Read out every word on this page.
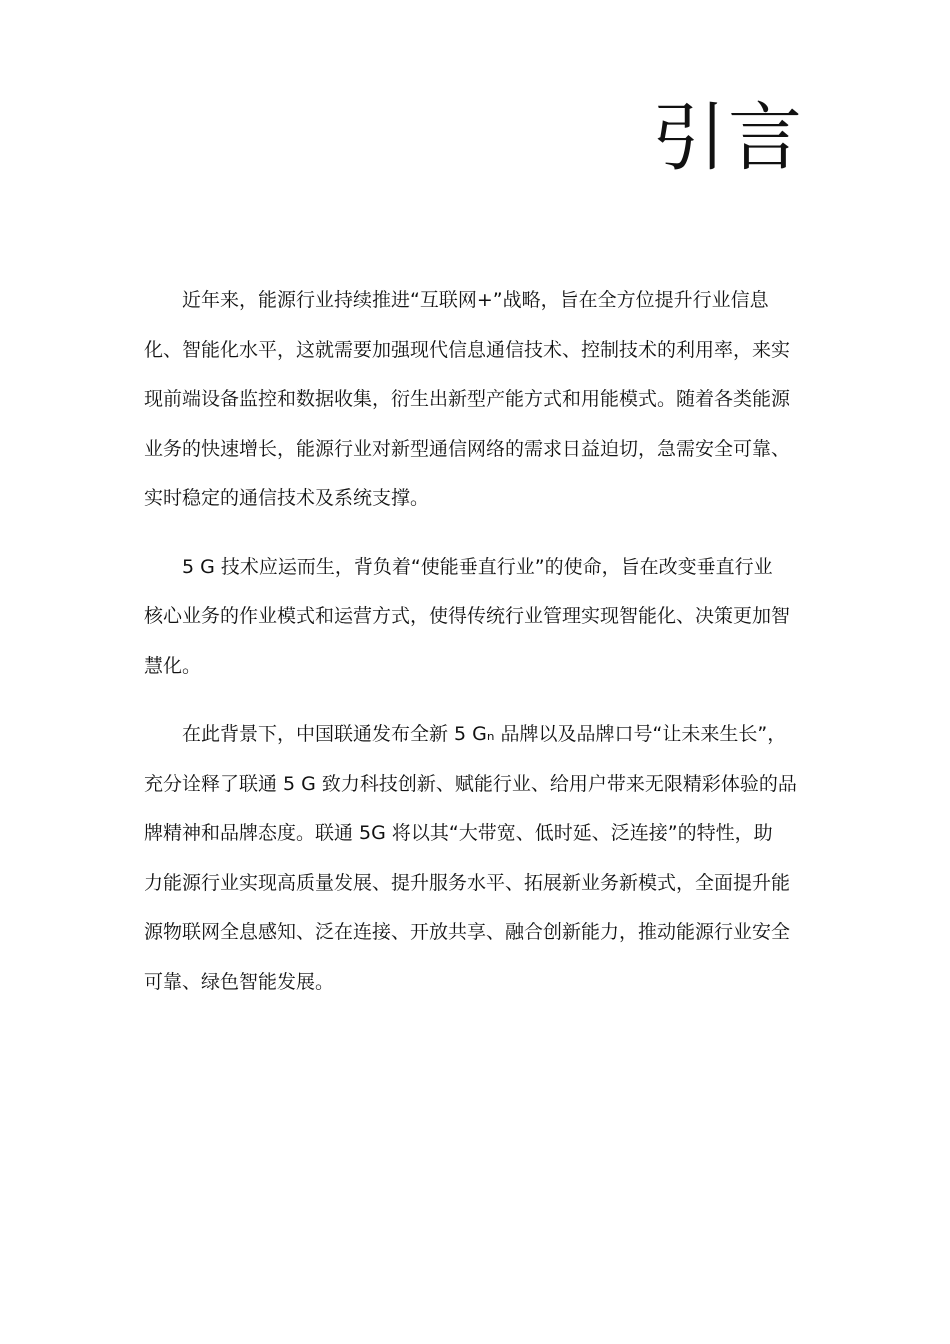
引言

近年来，能源行业持续推进“互联网+”战略，旨在全方位提升行业信息
化、智能化水平，这就需要加强现代信息通信技术、控制技术的利用率，来实
现前端设备监控和数据收集，衍生出新型产能方式和用能模式。随着各类能源
业务的快速增长，能源行业对新型通信网络的需求日益迫切，急需安全可靠、
实时稳定的通信技术及系统支撑。

5 G 技术应运而生，背负着“使能垂直行业”的使命，旨在改变垂直行业
核心业务的作业模式和运营方式，使得传统行业管理实现智能化、决策更加智
慧化。

在此背景下，中国联通发布全新 5 Gₙ 品牌以及品牌口号“让未来生长”，
充分诠释了联通 5 G 致力科技创新、赋能行业、给用户带来无限精彩体验的品
牌精神和品牌态度。联通 5G 将以其“大带宽、低时延、泛连接”的特性，助
力能源行业实现高质量发展、提升服务水平、拓展新业务新模式，全面提升能
源物联网全息感知、泛在连接、开放共享、融合创新能力，推动能源行业安全
可靠、绿色智能发展。
